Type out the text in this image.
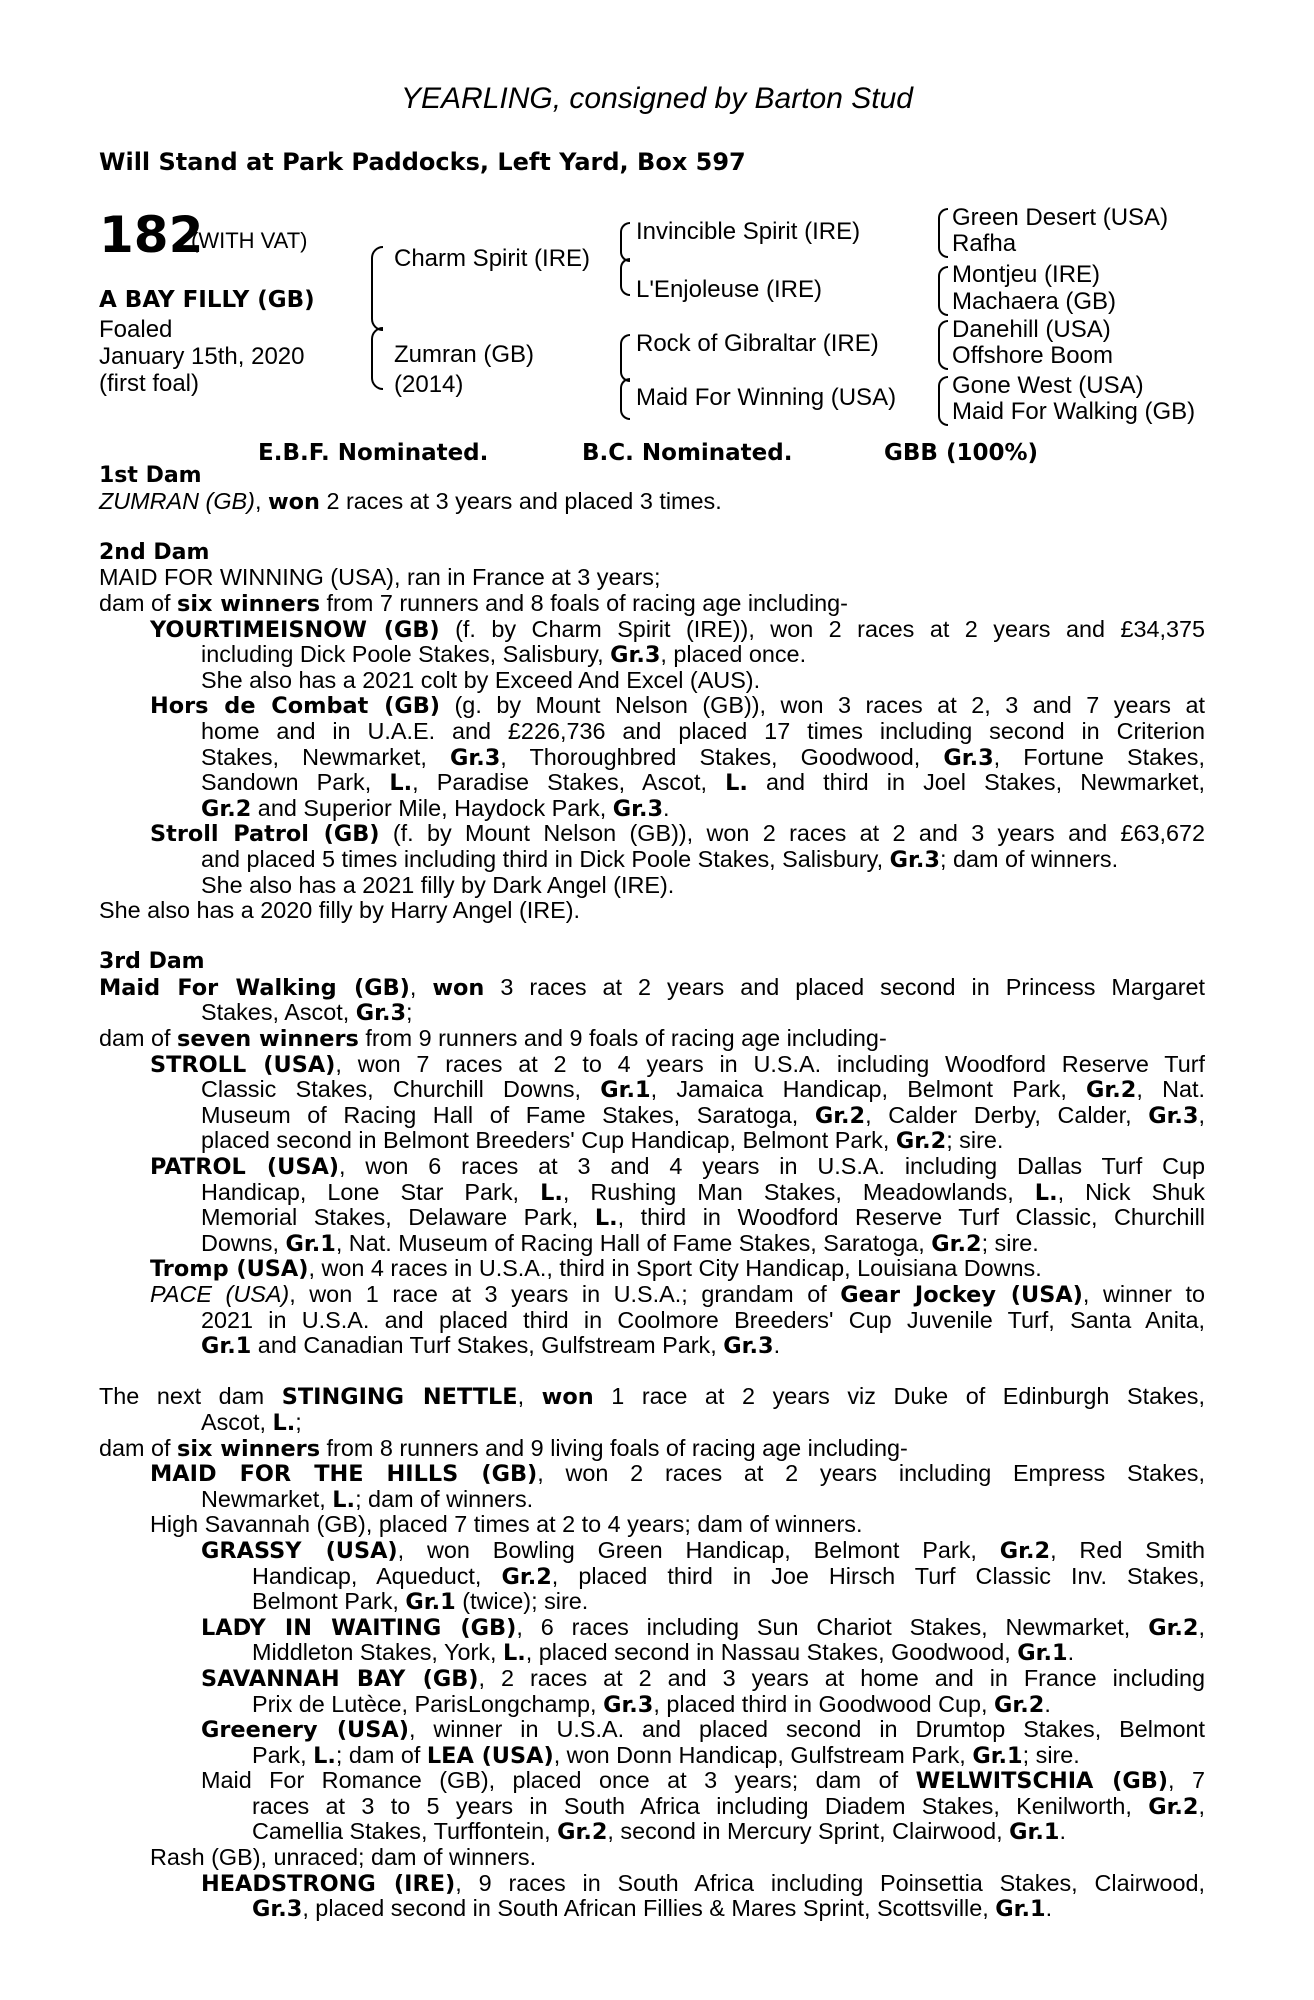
YEARLING, consigned by Barton Stud
Will Stand at Park Paddocks, Left Yard, Box 597
182
(WITH VAT)
A BAY FILLY (GB)
Foaled
January 15th, 2020
(first foal)
Charm Spirit (IRE)
Zumran (GB)
(2014)
Invincible Spirit (IRE)
L'Enjoleuse (IRE)
Rock of Gibraltar (IRE)
Maid For Winning (USA)
Green Desert (USA)
Rafha
Montjeu (IRE)
Machaera (GB)
Danehill (USA)
Offshore Boom
Gone West (USA)
Maid For Walking (GB)
E.B.F. Nominated.	B.C. Nominated.	GBB (100%)
1st Dam
ZUMRAN (GB), won 2 races at 3 years and placed 3 times.
2nd Dam
MAID FOR WINNING (USA), ran in France at 3 years;
dam of six winners from 7 runners and 8 foals of racing age including-
YOURTIMEISNOW (GB) (f. by Charm Spirit (IRE)), won 2 races at 2 years and £34,375
including Dick Poole Stakes, Salisbury, Gr.3, placed once.
She also has a 2021 colt by Exceed And Excel (AUS).
Hors de Combat (GB) (g. by Mount Nelson (GB)), won 3 races at 2, 3 and 7 years at
home and in U.A.E. and £226,736 and placed 17 times including second in Criterion
Stakes, Newmarket, Gr.3, Thoroughbred Stakes, Goodwood, Gr.3, Fortune Stakes,
Sandown Park, L., Paradise Stakes, Ascot, L. and third in Joel Stakes, Newmarket,
Gr.2 and Superior Mile, Haydock Park, Gr.3.
Stroll Patrol (GB) (f. by Mount Nelson (GB)), won 2 races at 2 and 3 years and £63,672
and placed 5 times including third in Dick Poole Stakes, Salisbury, Gr.3; dam of winners.
She also has a 2021 filly by Dark Angel (IRE).
She also has a 2020 filly by Harry Angel (IRE).
3rd Dam
Maid For Walking (GB), won 3 races at 2 years and placed second in Princess Margaret
Stakes, Ascot, Gr.3;
dam of seven winners from 9 runners and 9 foals of racing age including-
STROLL (USA), won 7 races at 2 to 4 years in U.S.A. including Woodford Reserve Turf
Classic Stakes, Churchill Downs, Gr.1, Jamaica Handicap, Belmont Park, Gr.2, Nat.
Museum of Racing Hall of Fame Stakes, Saratoga, Gr.2, Calder Derby, Calder, Gr.3,
placed second in Belmont Breeders' Cup Handicap, Belmont Park, Gr.2; sire.
PATROL (USA), won 6 races at 3 and 4 years in U.S.A. including Dallas Turf Cup
Handicap, Lone Star Park, L., Rushing Man Stakes, Meadowlands, L., Nick Shuk
Memorial Stakes, Delaware Park, L., third in Woodford Reserve Turf Classic, Churchill
Downs, Gr.1, Nat. Museum of Racing Hall of Fame Stakes, Saratoga, Gr.2; sire.
Tromp (USA), won 4 races in U.S.A., third in Sport City Handicap, Louisiana Downs.
PACE (USA), won 1 race at 3 years in U.S.A.; grandam of Gear Jockey (USA), winner to
2021 in U.S.A. and placed third in Coolmore Breeders' Cup Juvenile Turf, Santa Anita,
Gr.1 and Canadian Turf Stakes, Gulfstream Park, Gr.3.
The next dam STINGING NETTLE, won 1 race at 2 years viz Duke of Edinburgh Stakes,
Ascot, L.;
dam of six winners from 8 runners and 9 living foals of racing age including-
MAID FOR THE HILLS (GB), won 2 races at 2 years including Empress Stakes,
Newmarket, L.; dam of winners.
High Savannah (GB), placed 7 times at 2 to 4 years; dam of winners.
GRASSY (USA), won Bowling Green Handicap, Belmont Park, Gr.2, Red Smith
Handicap, Aqueduct, Gr.2, placed third in Joe Hirsch Turf Classic Inv. Stakes,
Belmont Park, Gr.1 (twice); sire.
LADY IN WAITING (GB), 6 races including Sun Chariot Stakes, Newmarket, Gr.2,
Middleton Stakes, York, L., placed second in Nassau Stakes, Goodwood, Gr.1.
SAVANNAH BAY (GB), 2 races at 2 and 3 years at home and in France including
Prix de Lutèce, ParisLongchamp, Gr.3, placed third in Goodwood Cup, Gr.2.
Greenery (USA), winner in U.S.A. and placed second in Drumtop Stakes, Belmont
Park, L.; dam of LEA (USA), won Donn Handicap, Gulfstream Park, Gr.1; sire.
Maid For Romance (GB), placed once at 3 years; dam of WELWITSCHIA (GB), 7
races at 3 to 5 years in South Africa including Diadem Stakes, Kenilworth, Gr.2,
Camellia Stakes, Turffontein, Gr.2, second in Mercury Sprint, Clairwood, Gr.1.
Rash (GB), unraced; dam of winners.
HEADSTRONG (IRE), 9 races in South Africa including Poinsettia Stakes, Clairwood,
Gr.3, placed second in South African Fillies & Mares Sprint, Scottsville, Gr.1.
